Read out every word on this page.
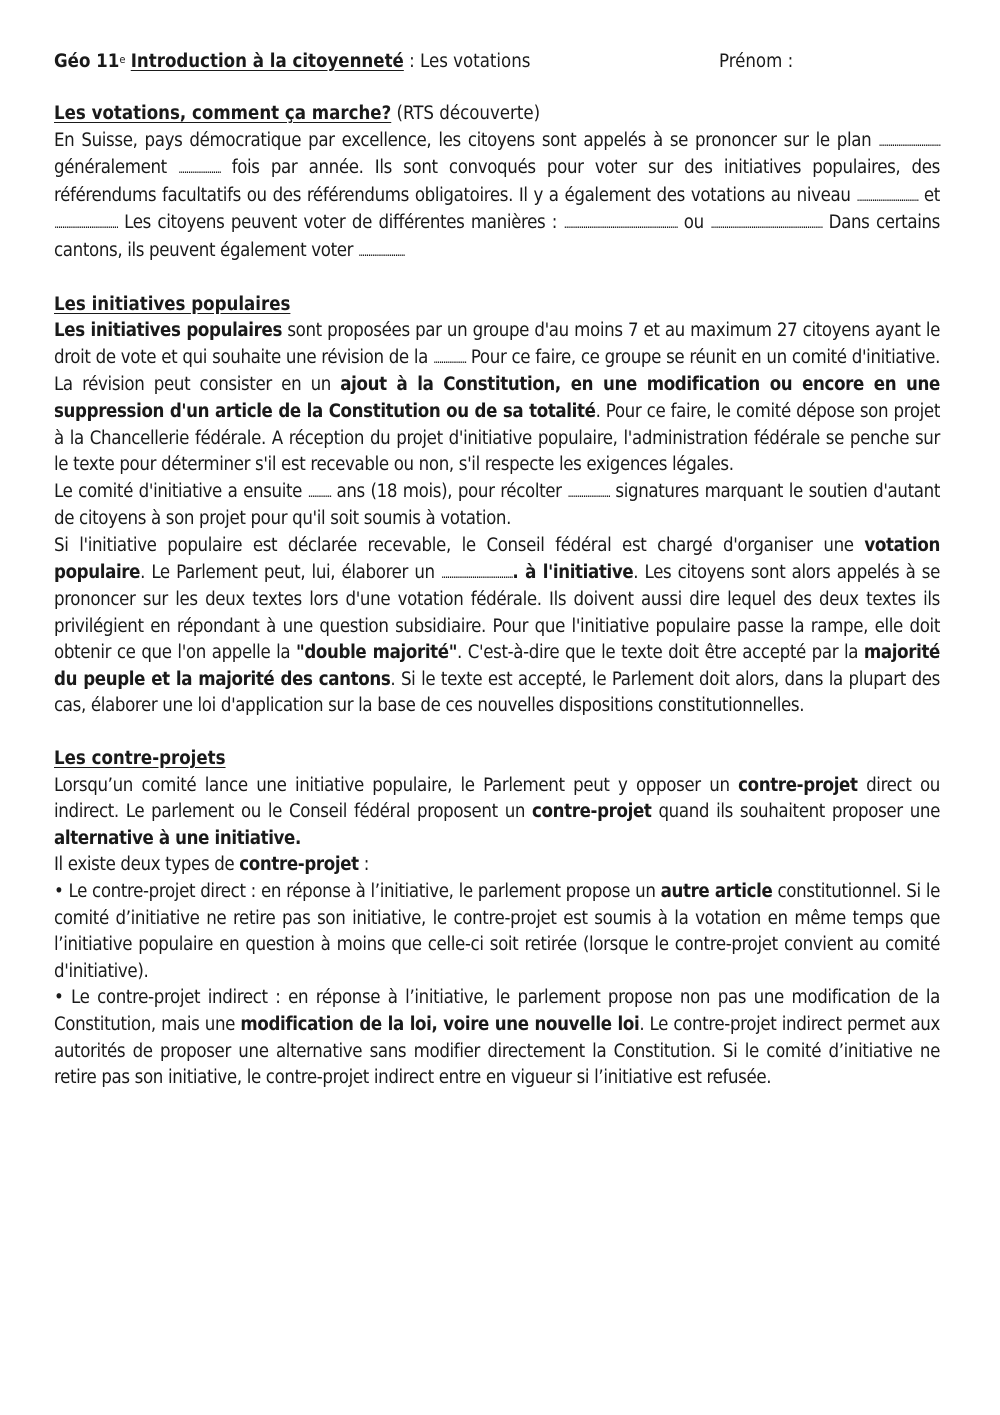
Géo 11e Introduction à la citoyenneté : Les votations	Prénom :
Les votations, comment ça marche? (RTS découverte)

En Suisse, pays démocratique par excellence, les citoyens sont appelés à se prononcer sur le plan ................................ généralement ...................... fois par année. Ils sont convoqués pour voter sur des initiatives populaires, des référendums facultatifs ou des référendums obligatoires. Il y a également des votations au niveau ................................ et ................................. Les citoyens peuvent voter de différentes manières : ........................................................... ou .......................................................... Dans certains cantons, ils peuvent également voter ........................

Les initiatives populaires

Les initiatives populaires sont proposées par un groupe d'au moins 7 et au maximum 27 citoyens ayant le droit de vote et qui souhaite une révision de la ................. Pour ce faire, ce groupe se réunit en un comité d'initiative. La révision peut consister en un ajout à la Constitution, en une modification ou encore en une suppression d'un article de la Constitution ou de sa totalité. Pour ce faire, le comité dépose son projet à la Chancellerie fédérale. A réception du projet d'initiative populaire, l'administration fédérale se penche sur le texte pour déterminer s'il est recevable ou non, s'il respecte les exigences légales.

Le comité d'initiative a ensuite ............ ans (18 mois), pour récolter ...................... signatures marquant le soutien d'autant de citoyens à son projet pour qu'il soit soumis à votation.

Si l'initiative populaire est déclarée recevable, le Conseil fédéral est chargé d'organiser une votation populaire. Le Parlement peut, lui, élaborer un ...................................... à l'initiative. Les citoyens sont alors appelés à se prononcer sur les deux textes lors d'une votation fédérale. Ils doivent aussi dire lequel des deux textes ils privilégient en répondant à une question subsidiaire. Pour que l'initiative populaire passe la rampe, elle doit obtenir ce que l'on appelle la "double majorité". C'est-à-dire que le texte doit être accepté par la majorité du peuple et la majorité des cantons. Si le texte est accepté, le Parlement doit alors, dans la plupart des cas, élaborer une loi d'application sur la base de ces nouvelles dispositions constitutionnelles.

Les contre-projets

Lorsqu’un comité lance une initiative populaire, le Parlement peut y opposer un contre-projet direct ou indirect. Le parlement ou le Conseil fédéral proposent un contre-projet quand ils souhaitent proposer une alternative à une initiative.

Il existe deux types de contre-projet :

• Le contre-projet direct : en réponse à l’initiative, le parlement propose un autre article constitutionnel. Si le comité d’initiative ne retire pas son initiative, le contre-projet est soumis à la votation en même temps que l’initiative populaire en question à moins que celle-ci soit retirée (lorsque le contre-projet convient au comité d'initiative).

• Le contre-projet indirect : en réponse à l’initiative, le parlement propose non pas une modification de la Constitution, mais une modification de la loi, voire une nouvelle loi. Le contre-projet indirect permet aux autorités de proposer une alternative sans modifier directement la Constitution. Si le comité d’initiative ne retire pas son initiative, le contre-projet indirect entre en vigueur si l’initiative est refusée.
